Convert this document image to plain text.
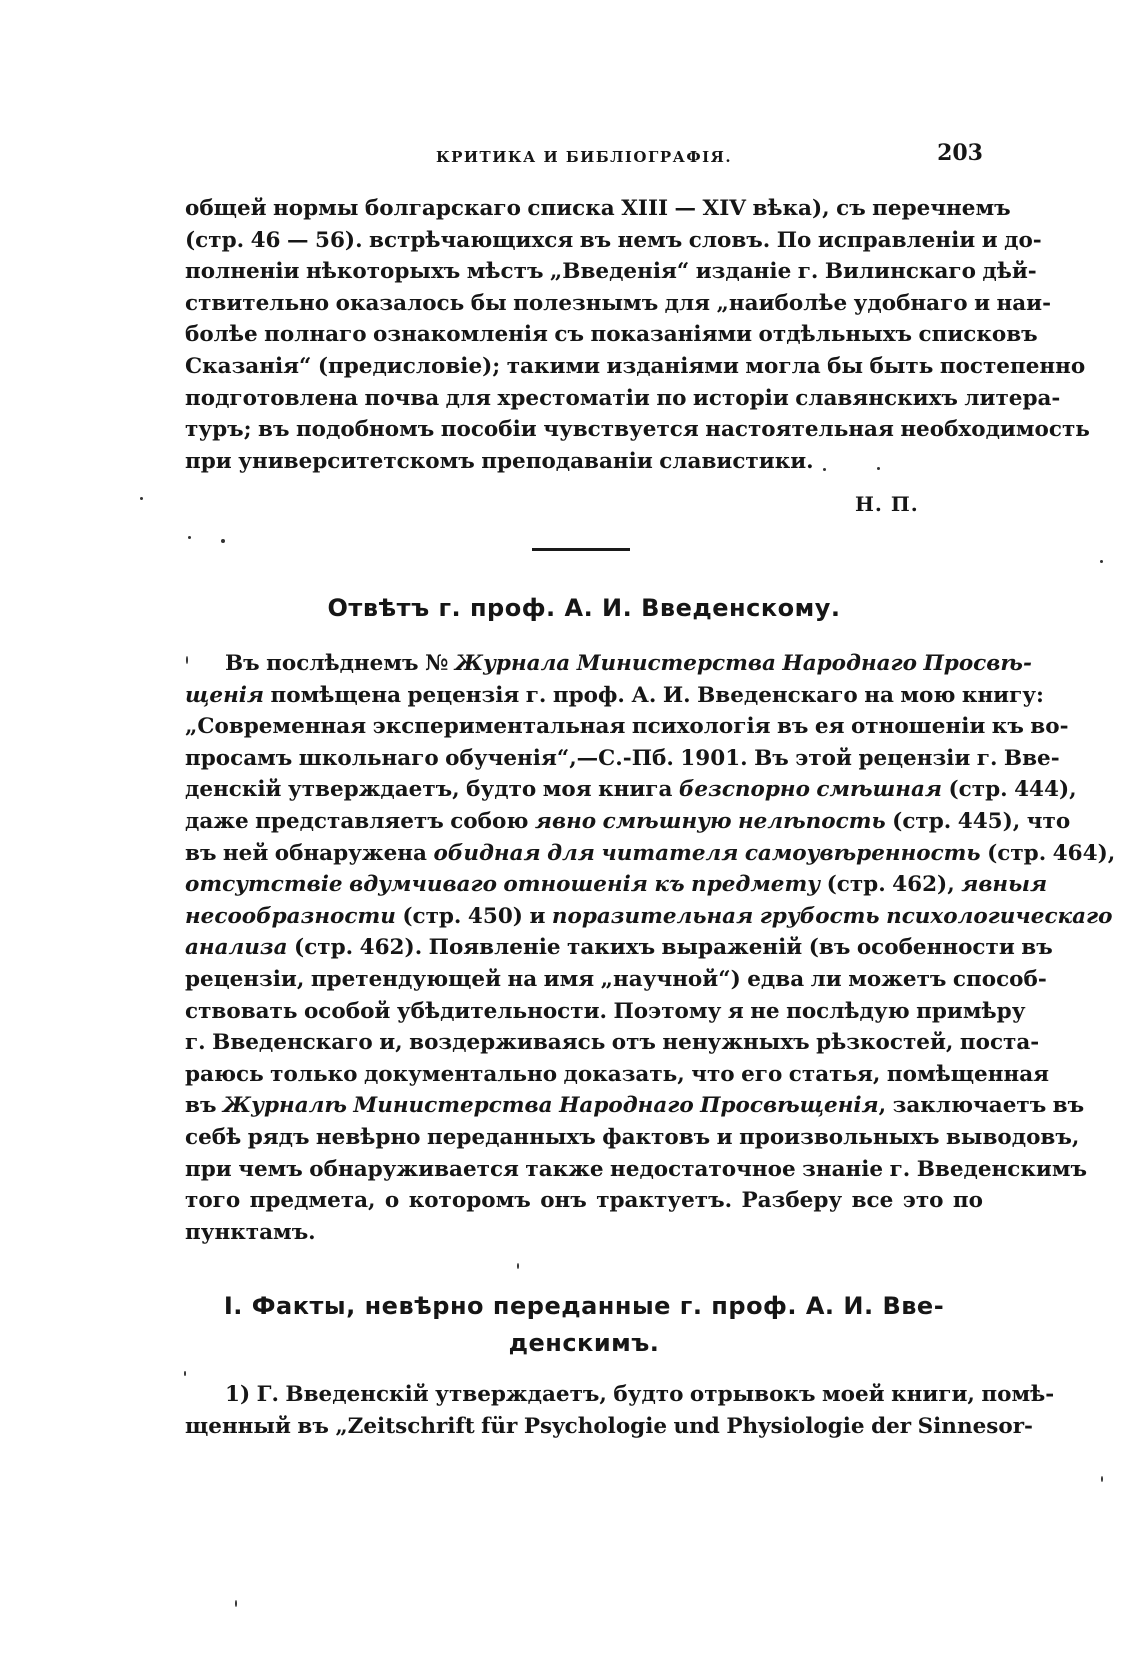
КРИТИКА И БИБЛІОГРАФІЯ.	203
общей нормы болгарскаго списка XIII — XIV вѣка), съ перечнемъ
(стр. 46 — 56). встрѣчающихся въ немъ словъ. По исправленіи и до-
полненіи нѣкоторыхъ мѣстъ „Введенія“ изданіе г. Вилинскаго дѣй-
ствительно оказалось бы полезнымъ для „наиболѣе удобнаго и наи-
болѣе полнаго ознакомленія съ показаніями отдѣльныхъ списковъ
Сказанія“ (предисловіе); такими изданіями могла бы быть постепенно
подготовлена почва для хрестоматіи по исторіи славянскихъ литера-
туръ; въ подобномъ пособіи чувствуется настоятельная необходимость
при университетскомъ преподаваніи славистики.
Н. П.
Отвѣтъ г. проф. А. И. Введенскому.
Въ послѣднемъ № Журнала Министерства Народнаго Просвѣ-
щенія помѣщена рецензія г. проф. А. И. Введенскаго на мою книгу:
„Современная экспериментальная психологія въ ея отношеніи къ во-
просамъ школьнаго обученія“,—С.-Пб. 1901. Въ этой рецензіи г. Вве-
денскій утверждаетъ, будто моя книга безспорно смѣшная (стр. 444),
даже представляетъ собою явно смѣшную нелѣпость (стр. 445), что
въ ней обнаружена обидная для читателя самоувѣренность (стр. 464),
отсутствіе вдумчиваго отношенія къ предмету (стр. 462), явныя
несообразности (стр. 450) и поразительная грубость психологическаго
анализа (стр. 462). Появленіе такихъ выраженій (въ особенности въ
рецензіи, претендующей на имя „научной“) едва ли можетъ способ-
ствовать особой убѣдительности. Поэтому я не послѣдую примѣру
г. Введенскаго и, воздерживаясь отъ ненужныхъ рѣзкостей, поста-
раюсь только документально доказать, что его статья, помѣщенная
въ Журналѣ Министерства Народнаго Просвѣщенія, заключаетъ въ
себѣ рядъ невѣрно переданныхъ фактовъ и произвольныхъ выводовъ,
при чемъ обнаруживается также недостаточное знаніе г. Введенскимъ
того предмета, о которомъ онъ трактуетъ. Разберу все это по
пунктамъ.
I. Факты, невѣрно переданные г. проф. А. И. Вве-
денскимъ.
1) Г. Введенскій утверждаетъ, будто отрывокъ моей книги, помѣ-
щенный въ „Zeitschrift für Psychologie und Physiologie der Sinnesor-
